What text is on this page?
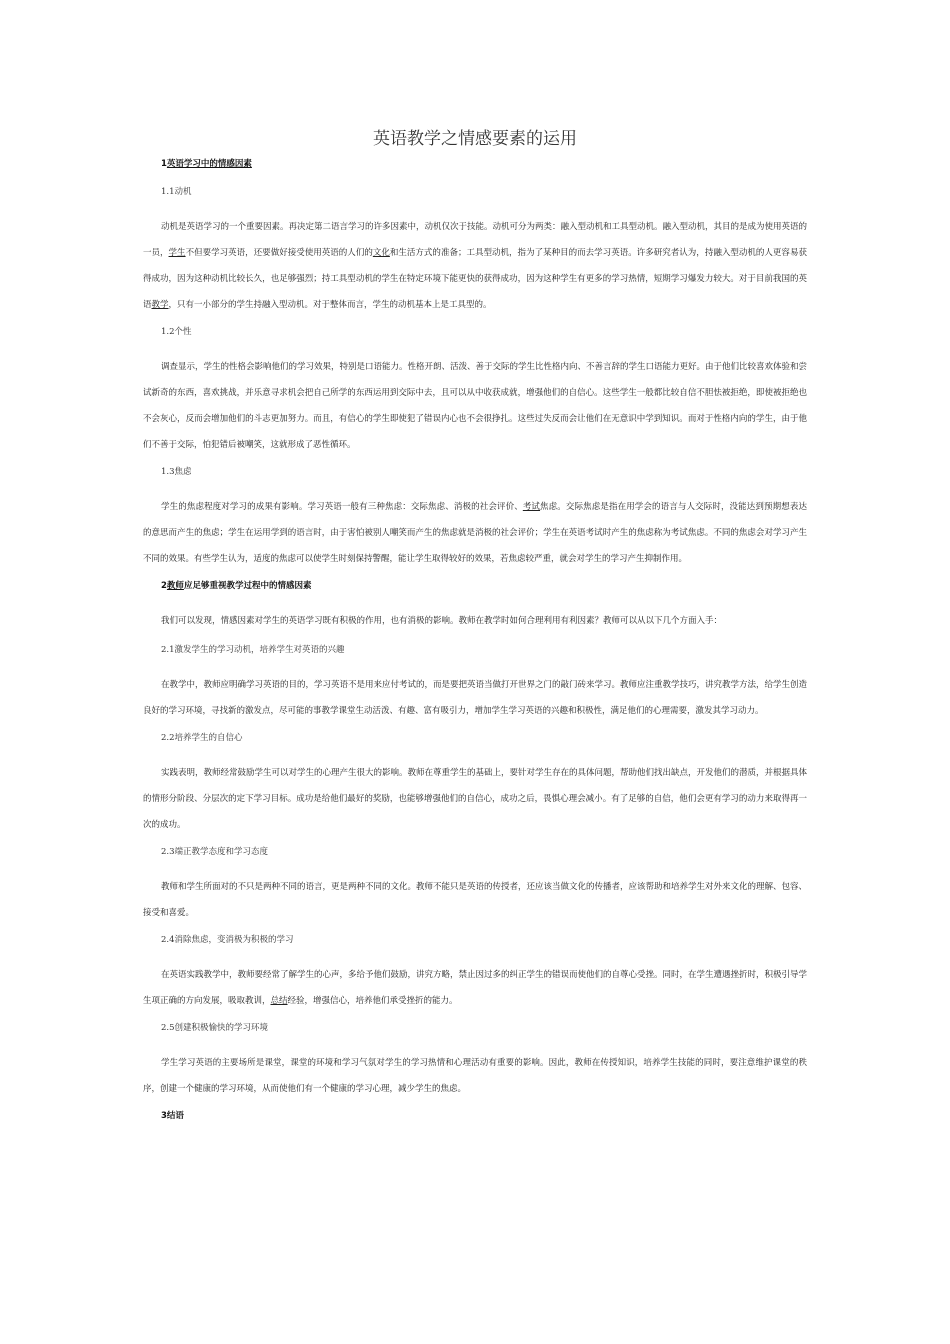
英语教学之情感要素的运用
1英语学习中的情感因素
1.1动机
动机是英语学习的一个重要因素。再决定第二语言学习的许多因素中，动机仅次于技能。动机可分为两类：融入型动机和工具型动机。融入型动机，其目的是成为使用英语的一员，学生不但要学习英语，还要做好接受使用英语的人们的文化和生活方式的准备；工具型动机，指为了某种目的而去学习英语。许多研究者认为，持融入型动机的人更容易获得成功，因为这种动机比较长久，也足够强烈；持工具型动机的学生在特定环境下能更快的获得成功，因为这种学生有更多的学习热情，短期学习爆发力较大。对于目前我国的英语教学，只有一小部分的学生持融入型动机。对于整体而言，学生的动机基本上是工具型的。
1.2个性
调查显示，学生的性格会影响他们的学习效果，特别是口语能力。性格开朗、活泼、善于交际的学生比性格内向、不善言辞的学生口语能力更好。由于他们比较喜欢体验和尝试新奇的东西，喜欢挑战，并乐意寻求机会把自己所学的东西运用到交际中去，且可以从中收获成就，增强他们的自信心。这些学生一般都比较自信不胆怯被拒绝，即使被拒绝也不会灰心，反而会增加他们的斗志更加努力。而且，有信心的学生即使犯了错误内心也不会很挣扎。这些过失反而会让他们在无意识中学到知识。而对于性格内向的学生，由于他们不善于交际，怕犯错后被嘲笑，这就形成了恶性循环。
1.3焦虑
学生的焦虑程度对学习的成果有影响。学习英语一般有三种焦虑：交际焦虑、消极的社会评价、考试焦虑。交际焦虑是指在用学会的语言与人交际时，没能达到预期想表达的意思而产生的焦虑；学生在运用学到的语言时，由于害怕被别人嘲笑而产生的焦虑就是消极的社会评价；学生在英语考试时产生的焦虑称为考试焦虑。不同的焦虑会对学习产生不同的效果。有些学生认为，适度的焦虑可以使学生时刻保持警醒，能让学生取得较好的效果，若焦虑较严重，就会对学生的学习产生抑制作用。
2教师应足够重视教学过程中的情感因素
我们可以发现，情感因素对学生的英语学习既有积极的作用，也有消极的影响。教师在教学时如何合理利用有利因素？教师可以从以下几个方面入手：
2.1激发学生的学习动机，培养学生对英语的兴趣
在教学中，教师应明确学习英语的目的，学习英语不是用来应付考试的，而是要把英语当做打开世界之门的敲门砖来学习。教师应注重教学技巧，讲究教学方法，给学生创造良好的学习环境，寻找新的激发点，尽可能的事教学课堂生动活泼、有趣、富有吸引力，增加学生学习英语的兴趣和积极性，满足他们的心理需要，激发其学习动力。
2.2培养学生的自信心
实践表明，教师经常鼓励学生可以对学生的心理产生很大的影响。教师在尊重学生的基础上，要针对学生存在的具体问题，帮助他们找出缺点，开发他们的潜质，并根据具体的情形分阶段、分层次的定下学习目标。成功是给他们最好的奖励，也能够增强他们的自信心，成功之后，畏惧心理会减小。有了足够的自信，他们会更有学习的动力来取得再一次的成功。
2.3端正教学态度和学习态度
教师和学生所面对的不只是两种不同的语言，更是两种不同的文化。教师不能只是英语的传授者，还应该当做文化的传播者，应该帮助和培养学生对外来文化的理解、包容、接受和喜爱。
2.4消除焦虑，变消极为积极的学习
在英语实践教学中，教师要经常了解学生的心声，多给予他们鼓励，讲究方略，禁止因过多的纠正学生的错误而使他们的自尊心受挫。同时，在学生遭遇挫折时，积极引导学生项正确的方向发展，吸取教训，总结经验，增强信心，培养他们承受挫折的能力。
2.5创建积极愉快的学习环境
学生学习英语的主要场所是课堂，课堂的环境和学习气氛对学生的学习热情和心理活动有重要的影响。因此，教师在传授知识，培养学生技能的同时，要注意维护课堂的秩序，创建一个健康的学习环境，从而使他们有一个健康的学习心理，减少学生的焦虑。
3结语
